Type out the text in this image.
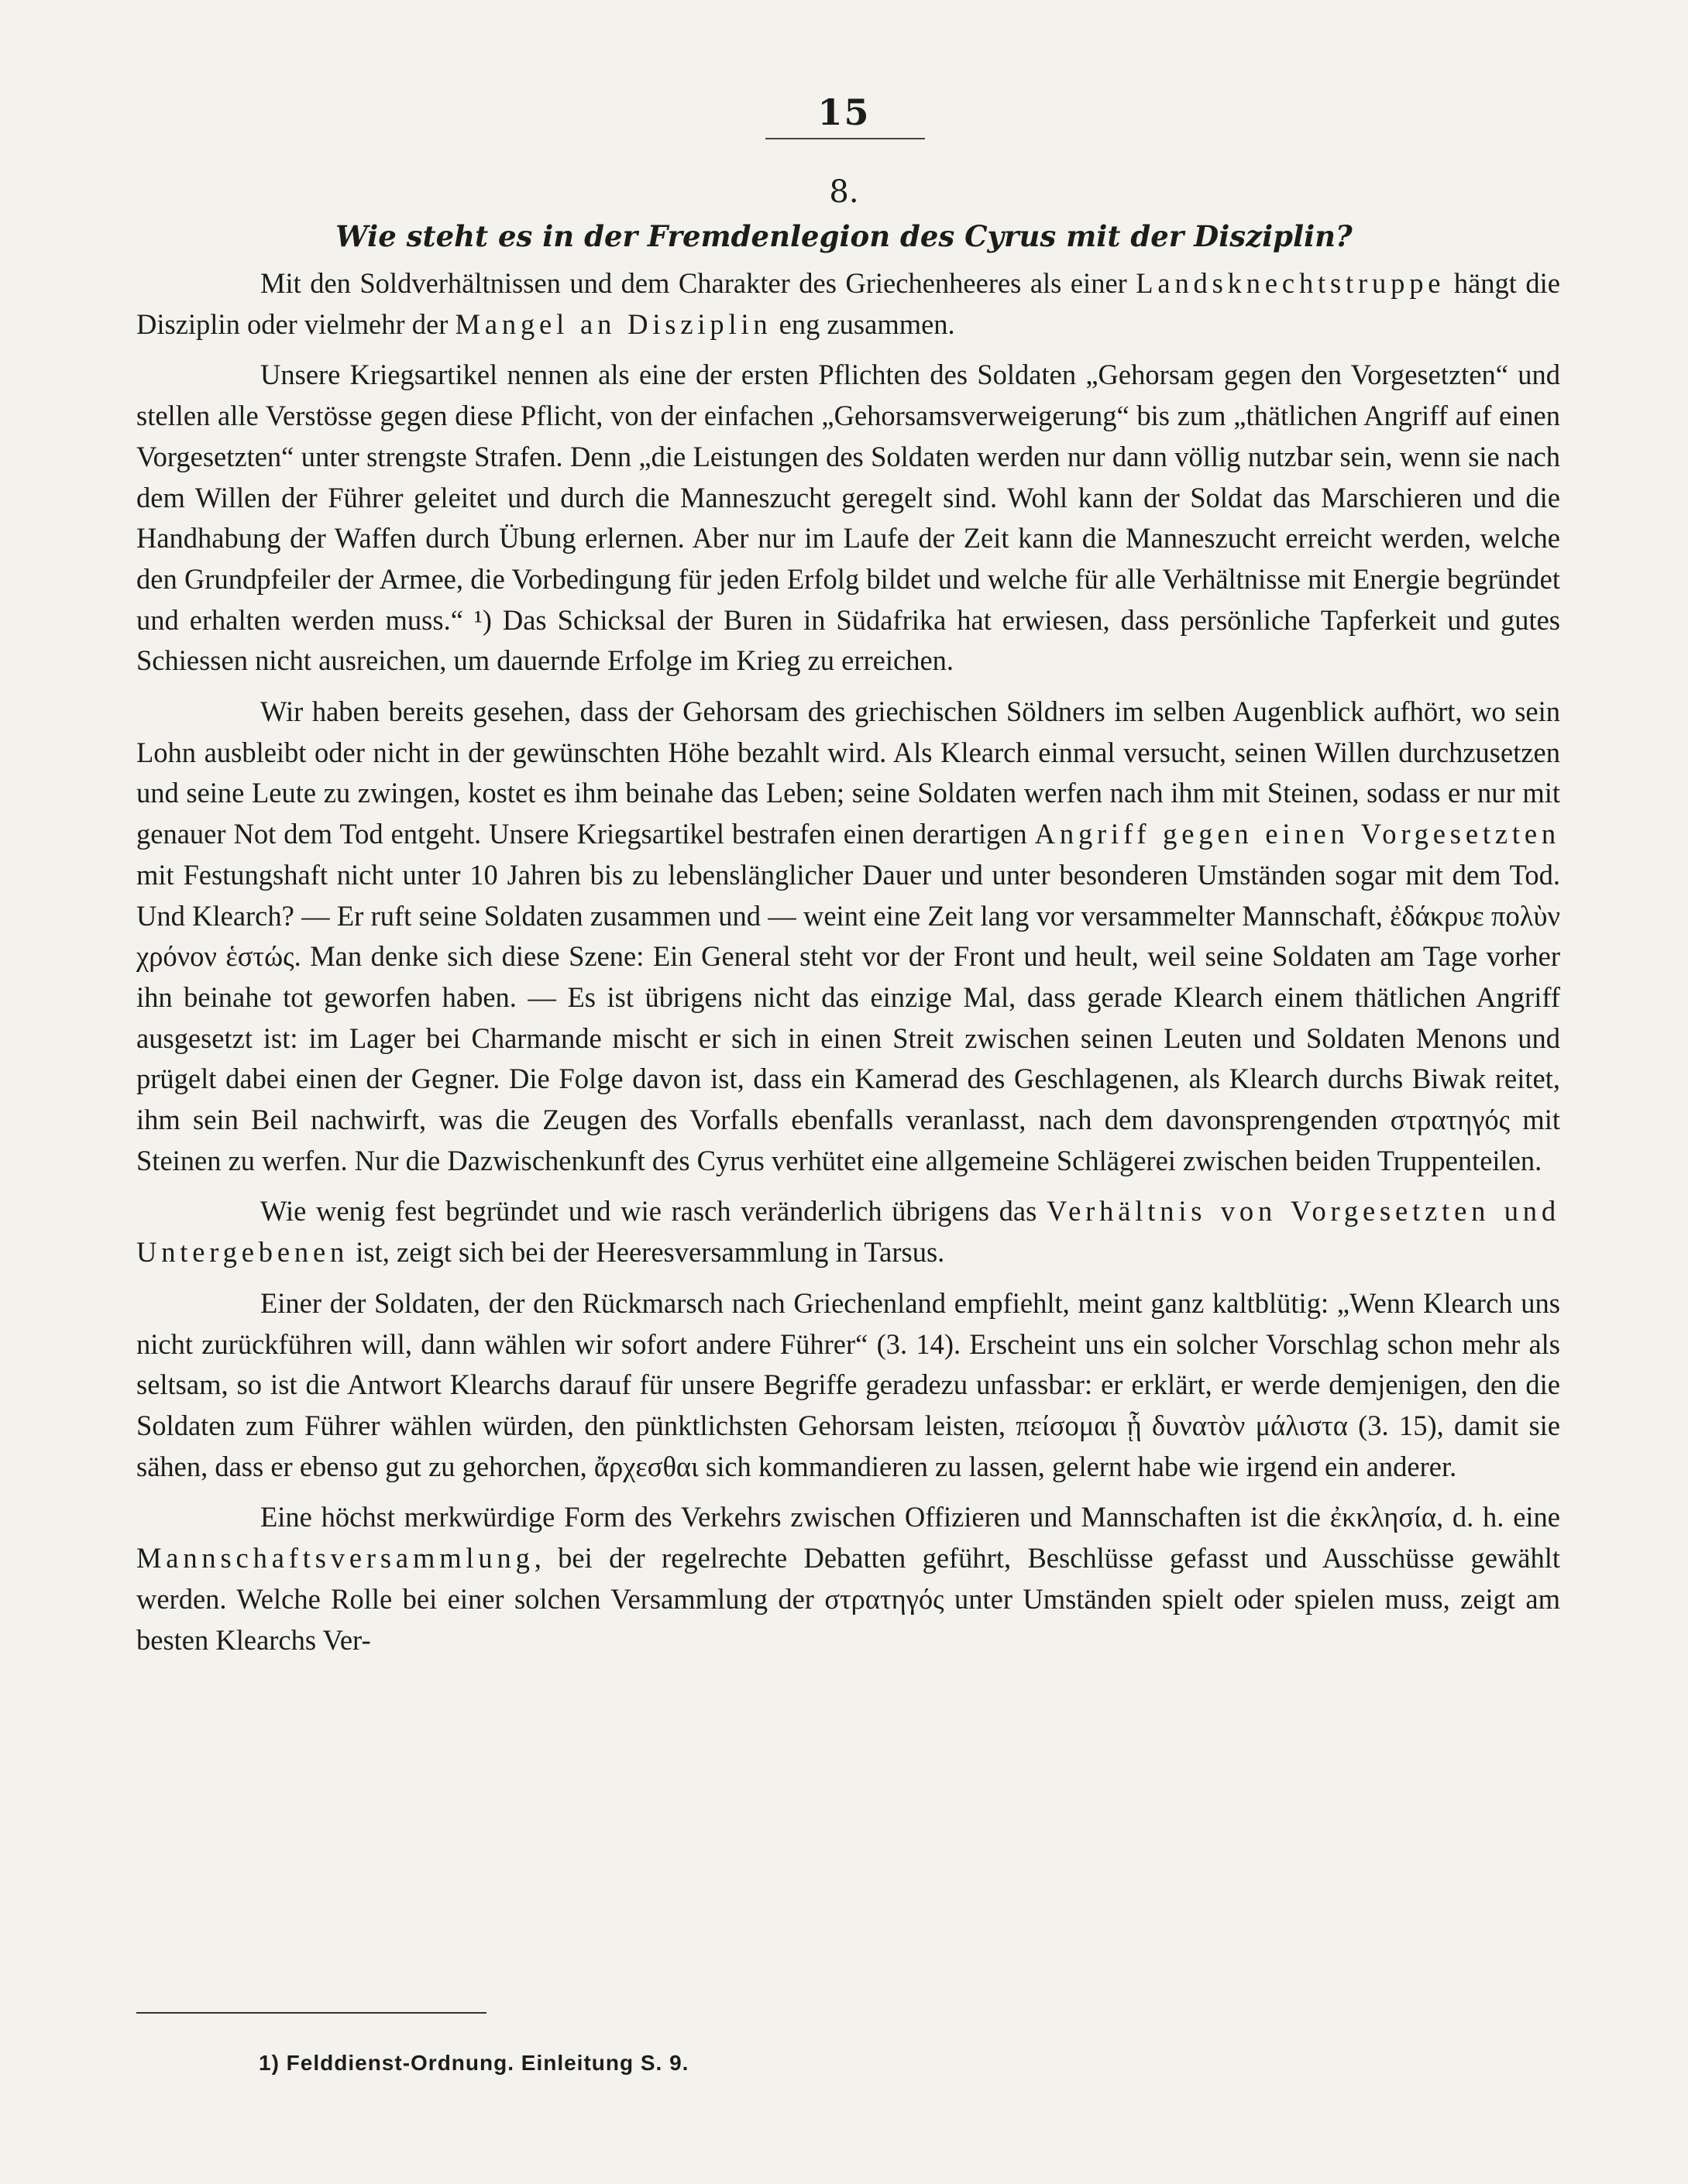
15
8.
Wie steht es in der Fremdenlegion des Cyrus mit der Disziplin?

Mit den Soldverhältnissen und dem Charakter des Griechenheeres als einer Landsknechtstruppe hängt die Disziplin oder vielmehr der Mangel an Disziplin eng zusammen.

Unsere Kriegsartikel nennen als eine der ersten Pflichten des Soldaten „Gehorsam gegen den Vorgesetzten“ und stellen alle Verstösse gegen diese Pflicht, von der einfachen „Gehorsamsverweigerung“ bis zum „thätlichen Angriff auf einen Vorgesetzten“ unter strengste Strafen. Denn „die Leistungen des Soldaten werden nur dann völlig nutzbar sein, wenn sie nach dem Willen der Führer geleitet und durch die Manneszucht geregelt sind. Wohl kann der Soldat das Marschieren und die Handhabung der Waffen durch Übung erlernen. Aber nur im Laufe der Zeit kann die Manneszucht erreicht werden, welche den Grundpfeiler der Armee, die Vorbedingung für jeden Erfolg bildet und welche für alle Verhältnisse mit Energie begründet und erhalten werden muss.“ ¹) Das Schicksal der Buren in Südafrika hat erwiesen, dass persönliche Tapferkeit und gutes Schiessen nicht ausreichen, um dauernde Erfolge im Krieg zu erreichen.

Wir haben bereits gesehen, dass der Gehorsam des griechischen Söldners im selben Augenblick aufhört, wo sein Lohn ausbleibt oder nicht in der gewünschten Höhe bezahlt wird. Als Klearch einmal versucht, seinen Willen durchzusetzen und seine Leute zu zwingen, kostet es ihm beinahe das Leben; seine Soldaten werfen nach ihm mit Steinen, sodass er nur mit genauer Not dem Tod entgeht. Unsere Kriegsartikel bestrafen einen derartigen Angriff gegen einen Vorgesetzten mit Festungshaft nicht unter 10 Jahren bis zu lebenslänglicher Dauer und unter besonderen Umständen sogar mit dem Tod. Und Klearch? — Er ruft seine Soldaten zusammen und — weint eine Zeit lang vor versammelter Mannschaft, ἐδάκρυε πολὺν χρόνον ἑστώς. Man denke sich diese Szene: Ein General steht vor der Front und heult, weil seine Soldaten am Tage vorher ihn beinahe tot geworfen haben. — Es ist übrigens nicht das einzige Mal, dass gerade Klearch einem thätlichen Angriff ausgesetzt ist: im Lager bei Charmande mischt er sich in einen Streit zwischen seinen Leuten und Soldaten Menons und prügelt dabei einen der Gegner. Die Folge davon ist, dass ein Kamerad des Geschlagenen, als Klearch durchs Biwak reitet, ihm sein Beil nachwirft, was die Zeugen des Vorfalls ebenfalls veranlasst, nach dem davonsprengenden στρατηγός mit Steinen zu werfen. Nur die Dazwischenkunft des Cyrus verhütet eine allgemeine Schlägerei zwischen beiden Truppenteilen.

Wie wenig fest begründet und wie rasch veränderlich übrigens das Verhältnis von Vorgesetzten und Untergebenen ist, zeigt sich bei der Heeresversammlung in Tarsus.

Einer der Soldaten, der den Rückmarsch nach Griechenland empfiehlt, meint ganz kaltblütig: „Wenn Klearch uns nicht zurückführen will, dann wählen wir sofort andere Führer“ (3. 14). Erscheint uns ein solcher Vorschlag schon mehr als seltsam, so ist die Antwort Klearchs darauf für unsere Begriffe geradezu unfassbar: er erklärt, er werde demjenigen, den die Soldaten zum Führer wählen würden, den pünktlichsten Gehorsam leisten, πείσομαι ᾗ δυνατὸν μάλιστα (3. 15), damit sie sähen, dass er ebenso gut zu gehorchen, ἄρχεσθαι sich kommandieren zu lassen, gelernt habe wie irgend ein anderer.

Eine höchst merkwürdige Form des Verkehrs zwischen Offizieren und Mannschaften ist die ἐκκλησία, d. h. eine Mannschaftsversammlung, bei der regelrechte Debatten geführt, Beschlüsse gefasst und Ausschüsse gewählt werden. Welche Rolle bei einer solchen Versammlung der στρατηγός unter Umständen spielt oder spielen muss, zeigt am besten Klearchs Ver-

1) Felddienst-Ordnung. Einleitung S. 9.
